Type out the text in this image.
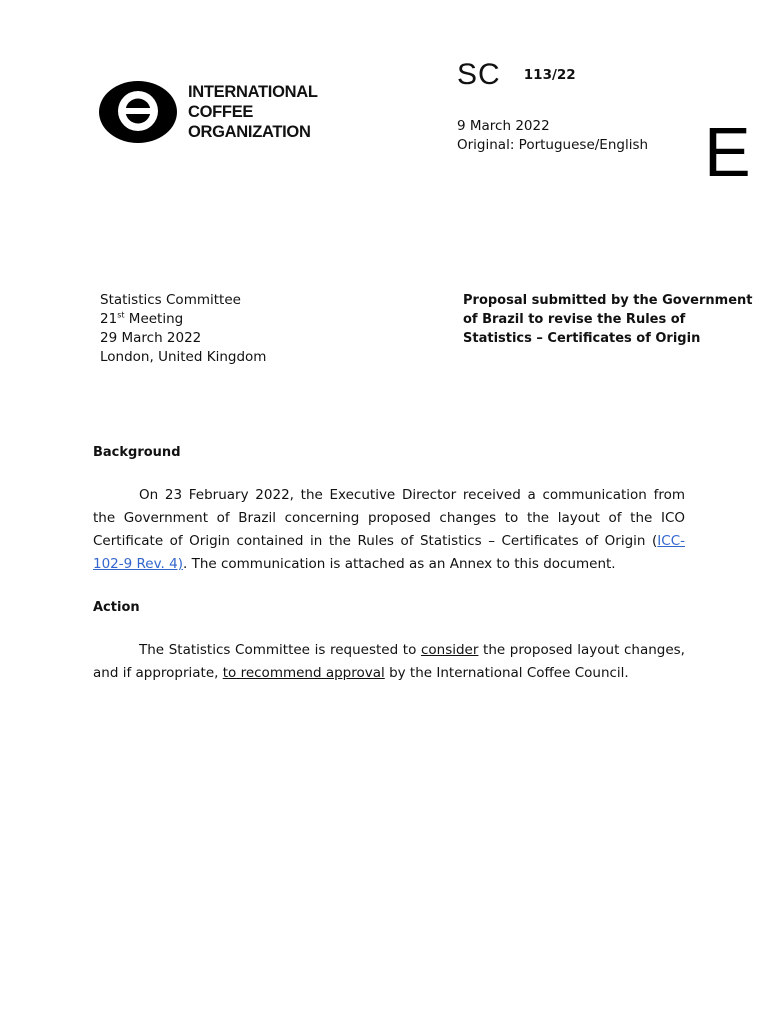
INTERNATIONAL
COFFEE
ORGANIZATION
SC 113/22
9 March 2022
Original: Portuguese/English E
Statistics Committee
21st Meeting
29 March 2022
London, United Kingdom
Proposal submitted by the Government of Brazil to revise the Rules of Statistics – Certificates of Origin
Background

On 23 February 2022, the Executive Director received a communication from the Government of Brazil concerning proposed changes to the layout of the ICO Certificate of Origin contained in the Rules of Statistics – Certificates of Origin (ICC-102-9 Rev. 4). The communication is attached as an Annex to this document.

Action

The Statistics Committee is requested to consider the proposed layout changes, and if appropriate, to recommend approval by the International Coffee Council.
